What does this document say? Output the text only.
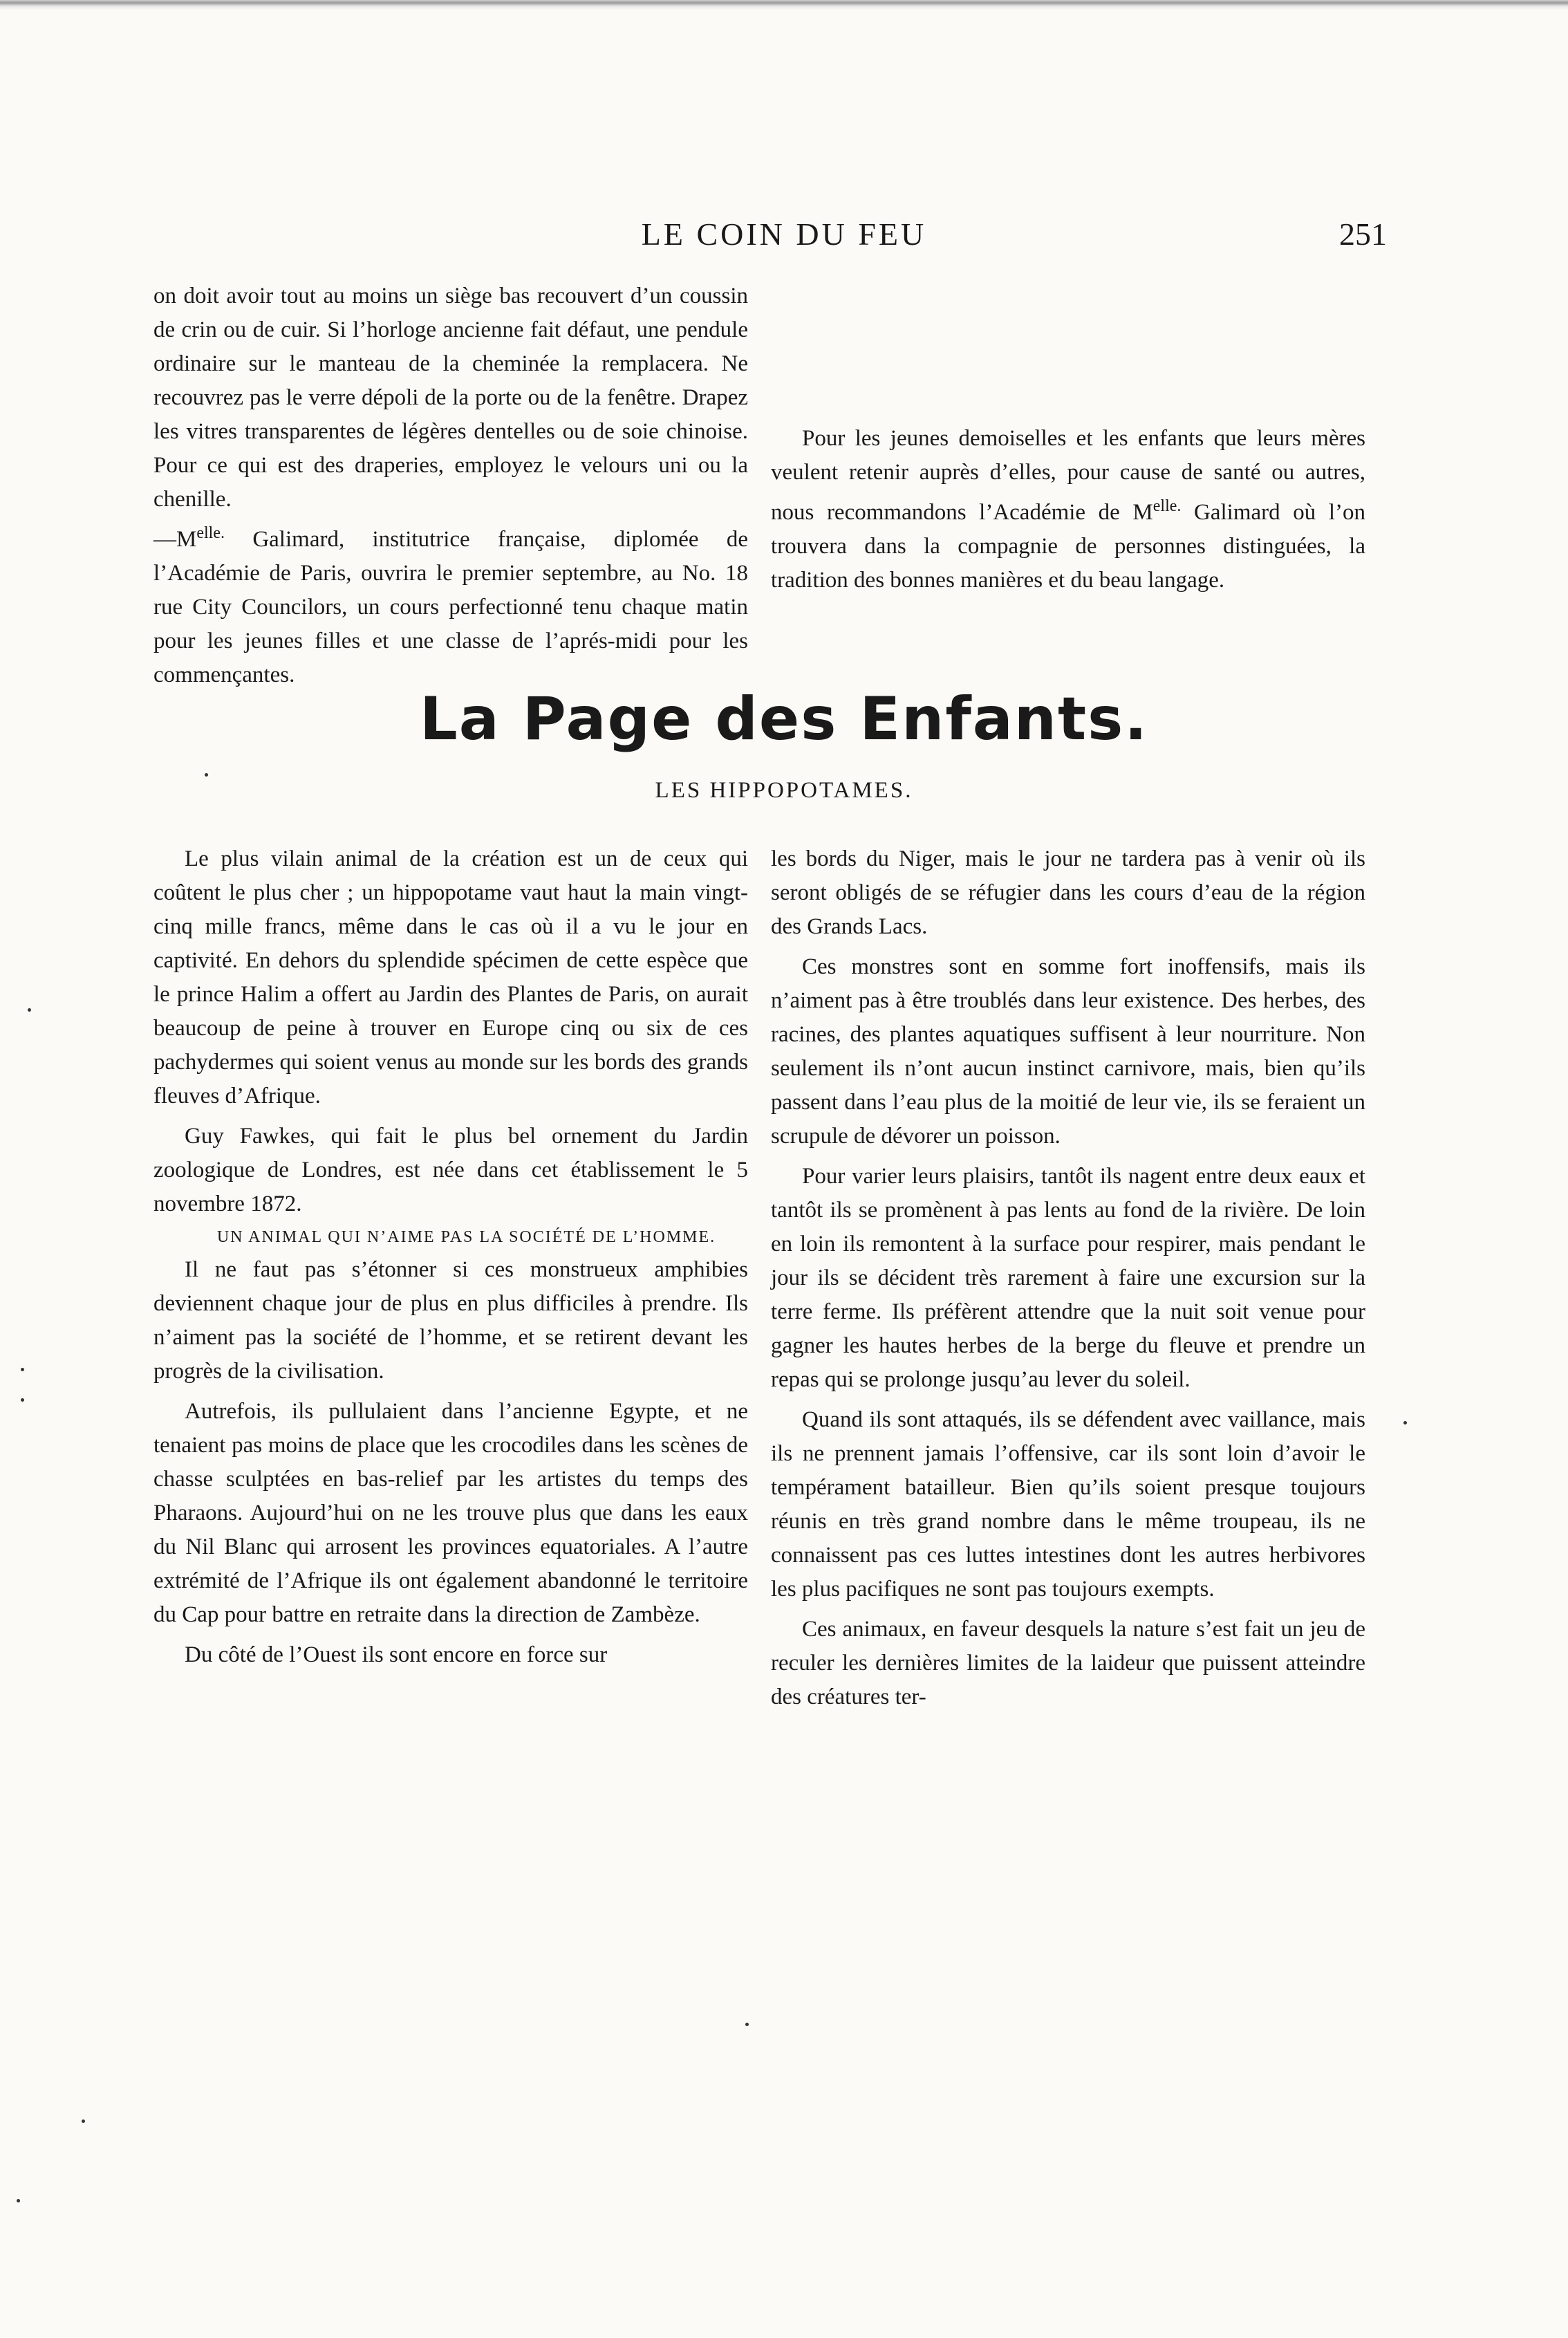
LE COIN DU FEU	251

on doit avoir tout au moins un siège bas recouvert d’un coussin de crin ou de cuir. Si l’horloge ancienne fait défaut, une pendule ordinaire sur le manteau de la cheminée la remplacera. Ne recouvrez pas le verre dépoli de la porte ou de la fenêtre. Drapez les vitres transparentes de légères dentelles ou de soie chinoise. Pour ce qui est des draperies, employez le velours uni ou la chenille.

$—M^{elle.}$ Galimard, institutrice française, diplomée de l’Académie de Paris, ouvrira le premier septembre, au No. 18 rue City Councilors, un cours perfectionné tenu chaque matin pour les jeunes filles et une classe de l’aprés-midi pour les commençantes.

Pour les jeunes demoiselles et les enfants que leurs mères veulent retenir auprès d’elles, pour cause de santé ou autres, nous recommandons l’Académie de $M^{elle.}$ Galimard où l’on trouvera dans la compagnie de personnes distinguées, la tradition des bonnes manières et du beau langage.

La Page des Enfants.
LES HIPPOPOTAMES.

Le plus vilain animal de la création est un de ceux qui coûtent le plus cher ; un hippopotame vaut haut la main vingt-cinq mille francs, même dans le cas où il a vu le jour en captivité. En dehors du splendide spécimen de cette espèce que le prince Halim a offert au Jardin des Plantes de Paris, on aurait beaucoup de peine à trouver en Europe cinq ou six de ces pachydermes qui soient venus au monde sur les bords des grands fleuves d’Afrique.

Guy Fawkes, qui fait le plus bel ornement du Jardin zoologique de Londres, est née dans cet établissement le 5 novembre 1872.

UN ANIMAL QUI N’AIME PAS LA SOCIÉTÉ DE L’HOMME.

Il ne faut pas s’étonner si ces monstrueux amphibies deviennent chaque jour de plus en plus difficiles à prendre. Ils n’aiment pas la société de l’homme, et se retirent devant les progrès de la civilisation.

Autrefois, ils pullulaient dans l’ancienne Egypte, et ne tenaient pas moins de place que les crocodiles dans les scènes de chasse sculptées en bas-relief par les artistes du temps des Pharaons. Aujourd’hui on ne les trouve plus que dans les eaux du Nil Blanc qui arrosent les provinces equatoriales. A l’autre extrémité de l’Afrique ils ont également abandonné le territoire du Cap pour battre en retraite dans la direction de Zambèze.

Du côté de l’Ouest ils sont encore en force sur

les bords du Niger, mais le jour ne tardera pas à venir où ils seront obligés de se réfugier dans les cours d’eau de la région des Grands Lacs.

Ces monstres sont en somme fort inoffensifs, mais ils n’aiment pas à être troublés dans leur existence. Des herbes, des racines, des plantes aquatiques suffisent à leur nourriture. Non seulement ils n’ont aucun instinct carnivore, mais, bien qu’ils passent dans l’eau plus de la moitié de leur vie, ils se feraient un scrupule de dévorer un poisson.

Pour varier leurs plaisirs, tantôt ils nagent entre deux eaux et tantôt ils se promènent à pas lents au fond de la rivière. De loin en loin ils remontent à la surface pour respirer, mais pendant le jour ils se décident très rarement à faire une excursion sur la terre ferme. Ils préfèrent attendre que la nuit soit venue pour gagner les hautes herbes de la berge du fleuve et prendre un repas qui se prolonge jusqu’au lever du soleil.

Quand ils sont attaqués, ils se défendent avec vaillance, mais ils ne prennent jamais l’offensive, car ils sont loin d’avoir le tempérament batailleur. Bien qu’ils soient presque toujours réunis en très grand nombre dans le même troupeau, ils ne connaissent pas ces luttes intestines dont les autres herbivores les plus pacifiques ne sont pas toujours exempts.

Ces animaux, en faveur desquels la nature s’est fait un jeu de reculer les dernières limites de la laideur que puissent atteindre des créatures ter-
